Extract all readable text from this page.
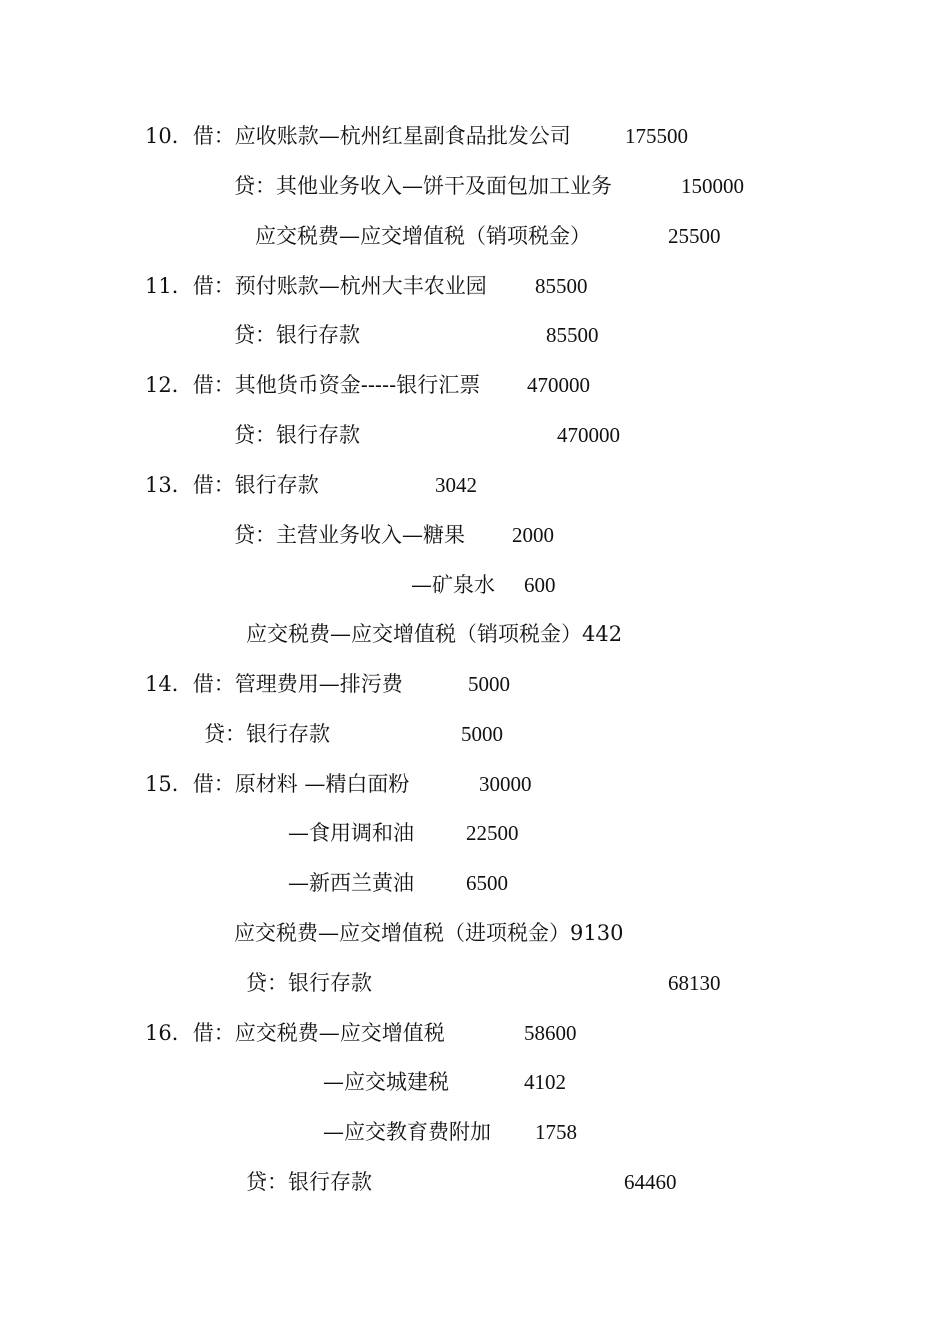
10．借：应收账款—杭州红星副食品批发公司	175500
贷：其他业务收入—饼干及面包加工业务	150000
应交税费—应交增值税（销项税金）	25500
11．借：预付账款—杭州大丰农业园 85500
贷：银行存款	85500
12．借：其他货币资金-----银行汇票 470000
贷：银行存款	470000
13．借：银行存款	3042
贷：主营业务收入—糖果 2000
—矿泉水 600
应交税费—应交增值税（销项税金）442
14．借：管理费用—排污费	5000
贷：银行存款	5000
15．借：原材料 —精白面粉	30000
—食用调和油 22500
—新西兰黄油 6500
应交税费—应交增值税（进项税金）9130
贷：银行存款	68130
16．借：应交税费—应交增值税	58600
—应交城建税	4102
—应交教育费附加 1758
贷：银行存款	64460
